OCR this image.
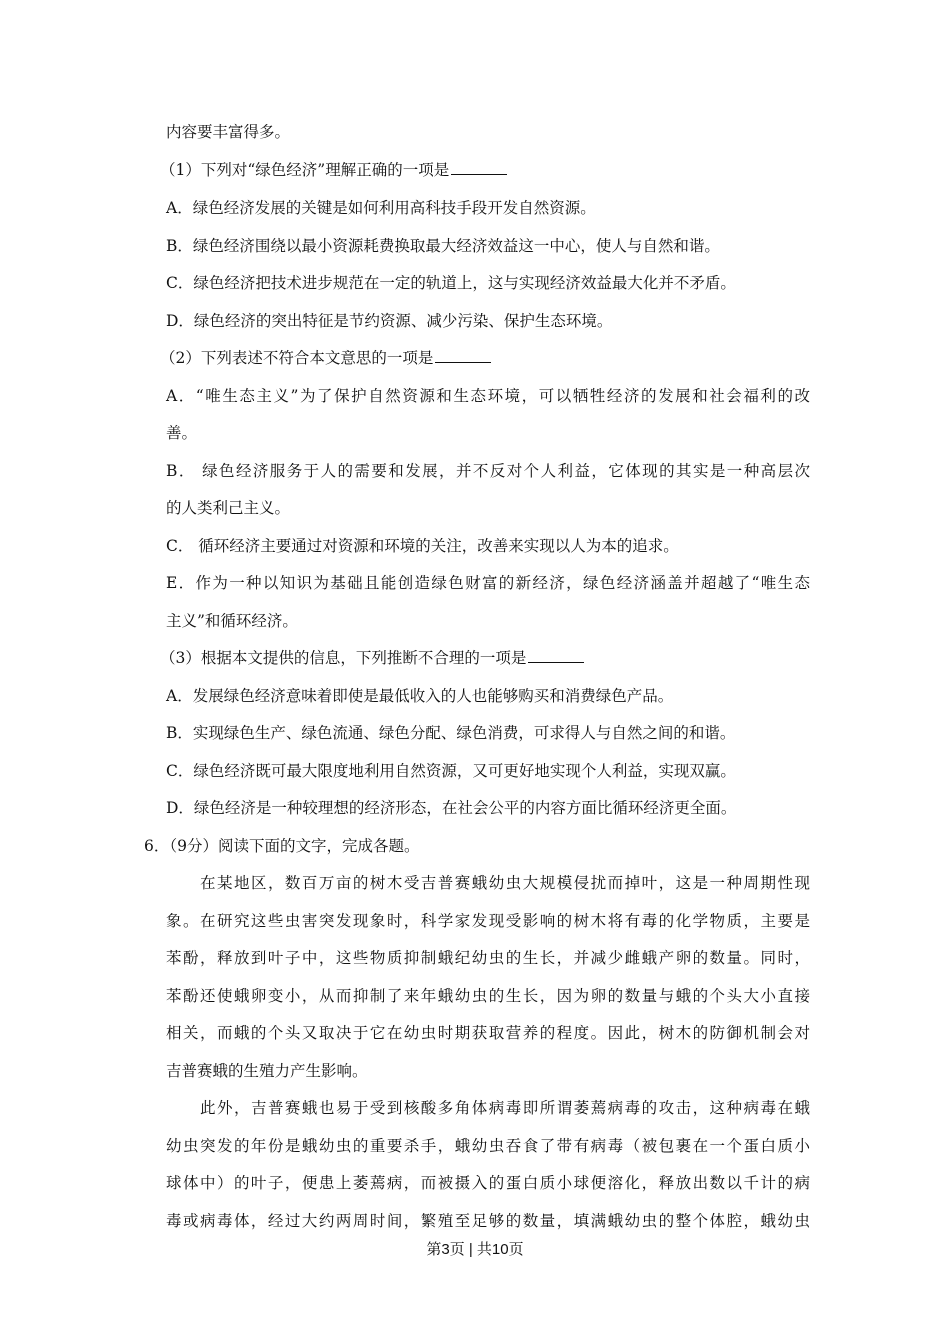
内容要丰富得多。
（1）下列对“绿色经济”理解正确的一项是
A．绿色经济发展的关键是如何利用高科技手段开发自然资源。
B．绿色经济围绕以最小资源耗费换取最大经济效益这一中心，使人与自然和谐。
C．绿色经济把技术进步规范在一定的轨道上，这与实现经济效益最大化并不矛盾。
D．绿色经济的突出特征是节约资源、减少污染、保护生态环境。
（2）下列表述不符合本文意思的一项是
A．“唯生态主义”为了保护自然资源和生态环境，可以牺牲经济的发展和社会福利的改
善。
B． 绿色经济服务于人的需要和发展，并不反对个人利益，它体现的其实是一种高层次
的人类利己主义。
C． 循环经济主要通过对资源和环境的关注，改善来实现以人为本的追求。
E．作为一种以知识为基础且能创造绿色财富的新经济，绿色经济涵盖并超越了“唯生态
主义”和循环经济。
（3）根据本文提供的信息，下列推断不合理的一项是
A．发展绿色经济意味着即使是最低收入的人也能够购买和消费绿色产品。
B．实现绿色生产、绿色流通、绿色分配、绿色消费，可求得人与自然之间的和谐。
C．绿色经济既可最大限度地利用自然资源，又可更好地实现个人利益，实现双赢。
D．绿色经济是一种较理想的经济形态，在社会公平的内容方面比循环经济更全面。
6．（9分）阅读下面的文字，完成各题。
在某地区，数百万亩的树木受吉普赛蛾幼虫大规模侵扰而掉叶，这是一种周期性现
象。在研究这些虫害突发现象时，科学家发现受影响的树木将有毒的化学物质，主要是
苯酚，释放到叶子中，这些物质抑制蛾纪幼虫的生长，并减少雌蛾产卵的数量。同时，
苯酚还使蛾卵变小，从而抑制了来年蛾幼虫的生长，因为卵的数量与蛾的个头大小直接
相关，而蛾的个头又取决于它在幼虫时期获取营养的程度。因此，树木的防御机制会对
吉普赛蛾的生殖力产生影响。
此外，吉普赛蛾也易于受到核酸多角体病毒即所谓萎蔫病毒的攻击，这种病毒在蛾
幼虫突发的年份是蛾幼虫的重要杀手，蛾幼虫吞食了带有病毒（被包裹在一个蛋白质小
球体中）的叶子，便患上萎蔫病，而被摄入的蛋白质小球便溶化，释放出数以千计的病
毒或病毒体，经过大约两周时间，繁殖至足够的数量，填满蛾幼虫的整个体腔，蛾幼虫
第3页 | 共10页
